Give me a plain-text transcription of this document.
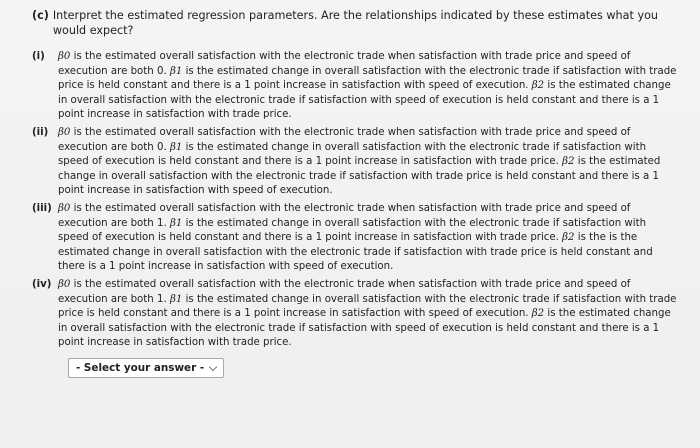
(c) Interpret the estimated regression parameters. Are the relationships indicated by these estimates what you would expect?
(i)	β0 is the estimated overall satisfaction with the electronic trade when satisfaction with trade price and speed of execution are both 0. β1 is the estimated change in overall satisfaction with the electronic trade if satisfaction with trade price is held constant and there is a 1 point increase in satisfaction with speed of execution. β2 is the estimated change in overall satisfaction with the electronic trade if satisfaction with speed of execution is held constant and there is a 1 point increase in satisfaction with trade price.
(ii) β0 is the estimated overall satisfaction with the electronic trade when satisfaction with trade price and speed of execution are both 0. β1 is the estimated change in overall satisfaction with the electronic trade if satisfaction with speed of execution is held constant and there is a 1 point increase in satisfaction with trade price. β2 is the estimated change in overall satisfaction with the electronic trade if satisfaction with trade price is held constant and there is a 1 point increase in satisfaction with speed of execution.
(iii) β0 is the estimated overall satisfaction with the electronic trade when satisfaction with trade price and speed of execution are both 1. β1 is the estimated change in overall satisfaction with the electronic trade if satisfaction with speed of execution is held constant and there is a 1 point increase in satisfaction with trade price. β2 is the is the estimated change in overall satisfaction with the electronic trade if satisfaction with trade price is held constant and there is a 1 point increase in satisfaction with speed of execution.
(iv) β0 is the estimated overall satisfaction with the electronic trade when satisfaction with trade price and speed of execution are both 1. β1 is the estimated change in overall satisfaction with the electronic trade if satisfaction with trade price is held constant and there is a 1 point increase in satisfaction with speed of execution. β2 is the estimated change in overall satisfaction with the electronic trade if satisfaction with speed of execution is held constant and there is a 1 point increase in satisfaction with trade price.
- Select your answer -
